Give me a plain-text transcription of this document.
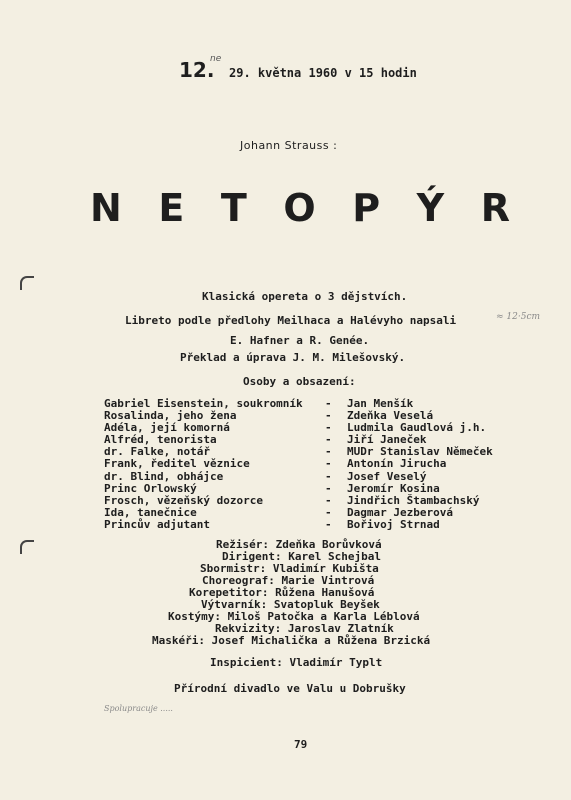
12.
ne
29. května 1960 v 15 hodin
Johann Strauss :
N E T O P Ý R
Klasická opereta o 3 dějstvích.
Libreto podle předlohy Meilhaca a Halévyho napsali
E. Hafner a R. Genée.
Překlad a úprava J. M. Milešovský.
Osoby a obsazení:
≈ 12·5cm
Gabriel Eisenstein, soukromník	-	Jan Menšík
Rosalinda, jeho žena	-	Zdeňka Veselá
Adéla, její komorná	-	Ludmila Gaudlová j.h.
Alfréd, tenorista	-	Jiří Janeček
dr. Falke, notář	-	MUDr Stanislav Němeček
Frank, ředitel věznice	-	Antonín Jirucha
dr. Blind, obhájce	-	Josef Veselý
Princ Orlowský	-	Jeromír Kosina
Frosch, vězeňský dozorce	-	Jindřich Štambachský
Ida, tanečnice	-	Dagmar Jezberová
Princův adjutant	-	Bořivoj Strnad
Režisér: Zdeňka Borůvková
Dirigent: Karel Schejbal
Sbormistr: Vladimír Kubišta
Choreograf: Marie Vintrová
Korepetitor: Růžena Hanušová
Výtvarník: Svatopluk Beyšek
Kostýmy: Miloš Patočka a Karla Léblová
Rekvizity: Jaroslav Zlatník
Maskéři: Josef Michalička a Růžena Brzická
Inspicient: Vladimír Typlt
Přírodní divadlo ve Valu u Dobrušky
Spolupracuje .....
79
